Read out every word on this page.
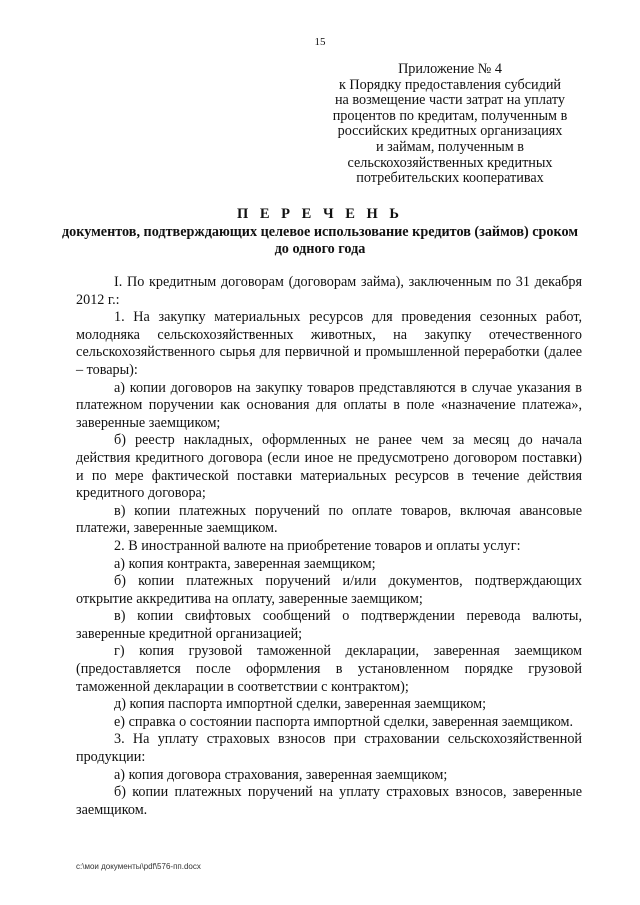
15
Приложение № 4
к Порядку предоставления субсидий
на возмещение части затрат на уплату
процентов по кредитам, полученным в
российских кредитных организациях
и займам, полученным в
сельскохозяйственных кредитных
потребительских кооперативах
П Е Р Е Ч Е Н Ь
документов, подтверждающих целевое использование кредитов (займов) сроком до одного года

I. По кредитным договорам (договорам займа), заключенным по 31 декабря 2012 г.:

1. На закупку материальных ресурсов для проведения сезонных работ, молодняка сельскохозяйственных животных, на закупку отечественного сельскохозяйственного сырья для первичной и промышленной переработки (далее – товары):

а) копии договоров на закупку товаров представляются в случае указания в платежном поручении как основания для оплаты в поле «назначение платежа», заверенные заемщиком;

б) реестр накладных, оформленных не ранее чем за месяц до начала действия кредитного договора (если иное не предусмотрено договором поставки) и по мере фактической поставки материальных ресурсов в течение действия кредитного договора;

в) копии платежных поручений по оплате товаров, включая авансовые платежи, заверенные заемщиком.

2. В иностранной валюте на приобретение товаров и оплаты услуг:

а) копия контракта, заверенная заемщиком;

б) копии платежных поручений и/или документов, подтверждающих открытие аккредитива на оплату, заверенные заемщиком;

в) копии свифтовых сообщений о подтверждении перевода валюты, заверенные кредитной организацией;

г) копия грузовой таможенной декларации, заверенная заемщиком (предоставляется после оформления в установленном порядке грузовой таможенной декларации в соответствии с контрактом);

д) копия паспорта импортной сделки, заверенная заемщиком;

е) справка о состоянии паспорта импортной сделки, заверенная заемщиком.

3. На уплату страховых взносов при страховании сельскохозяйственной продукции:

а) копия договора страхования, заверенная заемщиком;

б) копии платежных поручений на уплату страховых взносов, заверенные заемщиком.

c:\мои документы\pdf\576-пп.docx
